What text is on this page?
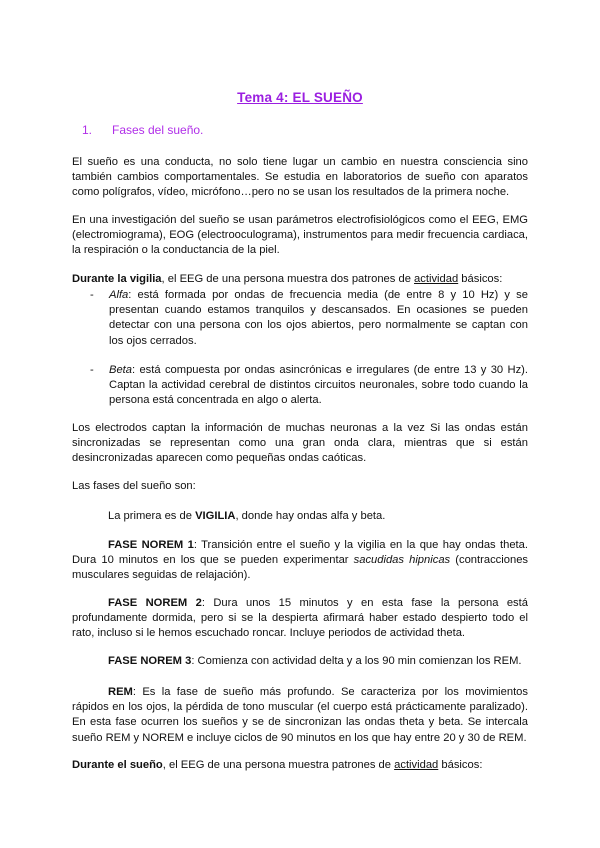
Tema 4: EL SUEÑO
1. Fases del sueño.

El sueño es una conducta, no solo tiene lugar un cambio en nuestra consciencia sino también cambios comportamentales. Se estudia en laboratorios de sueño con aparatos como polígrafos, vídeo, micrófono…pero no se usan los resultados de la primera noche.

En una investigación del sueño se usan parámetros electrofisiológicos como el EEG, EMG (electromiograma), EOG (electrooculograma), instrumentos para medir frecuencia cardiaca, la respiración o la conductancia de la piel.

Durante la vigilia, el EEG de una persona muestra dos patrones de actividad básicos:

- Alfa: está formada por ondas de frecuencia media (de entre 8 y 10 Hz) y se presentan cuando estamos tranquilos y descansados. En ocasiones se pueden detectar con una persona con los ojos abiertos, pero normalmente se captan con los ojos cerrados.
- Beta: está compuesta por ondas asincrónicas e irregulares (de entre 13 y 30 Hz). Captan la actividad cerebral de distintos circuitos neuronales, sobre todo cuando la persona está concentrada en algo o alerta.

Los electrodos captan la información de muchas neuronas a la vez Si las ondas están sincronizadas se representan como una gran onda clara, mientras que si están desincronizadas aparecen como pequeñas ondas caóticas.

Las fases del sueño son:

La primera es de VIGILIA, donde hay ondas alfa y beta.

FASE NOREM 1: Transición entre el sueño y la vigilia en la que hay ondas theta. Dura 10 minutos en los que se pueden experimentar sacudidas hipnicas (contracciones musculares seguidas de relajación).

FASE NOREM 2: Dura unos 15 minutos y en esta fase la persona está profundamente dormida, pero si se la despierta afirmará haber estado despierto todo el rato, incluso si le hemos escuchado roncar. Incluye periodos de actividad theta.

FASE NOREM 3: Comienza con actividad delta y a los 90 min comienzan los REM.

REM: Es la fase de sueño más profundo. Se caracteriza por los movimientos rápidos en los ojos, la pérdida de tono muscular (el cuerpo está prácticamente paralizado). En esta fase ocurren los sueños y se de sincronizan las ondas theta y beta. Se intercala sueño REM y NOREM e incluye ciclos de 90 minutos en los que hay entre 20 y 30 de REM.

Durante el sueño, el EEG de una persona muestra patrones de actividad básicos:
